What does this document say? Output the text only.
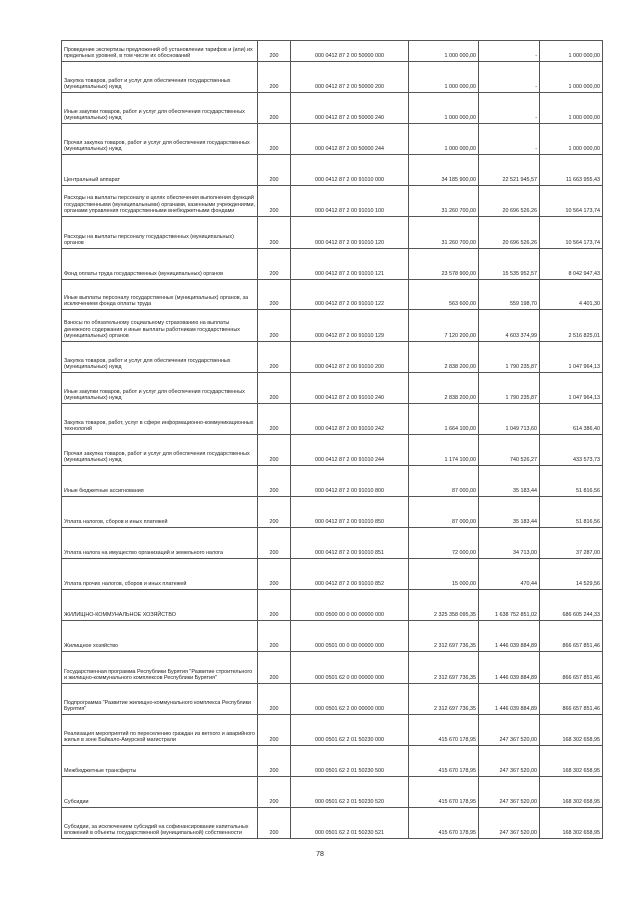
Проведение экспертизы предложений об установлении тарифов и (или) их предельных уровней, в том числе их обоснований	200	000 0412 87 2 00 50000 000	1 000 000,00	-	1 000 000,00
Закупка товаров, работ и услуг для обеспечения государственных (муниципальных) нужд	200	000 0412 87 2 00 50000 200	1 000 000,00	-	1 000 000,00
Иные закупки товаров, работ и услуг для обеспечения государственных (муниципальных) нужд	200	000 0412 87 2 00 50000 240	1 000 000,00	-	1 000 000,00
Прочая закупка товаров, работ и услуг для обеспечения государственных (муниципальных) нужд	200	000 0412 87 2 00 50000 244	1 000 000,00	-	1 000 000,00
Центральный аппарат	200	000 0412 87 2 00 91010 000	34 185 900,00	22 521 945,57	11 663 955,43
Расходы на выплаты персоналу в целях обеспечения выполнения функций государственными (муниципальными) органами, казенными учреждениями, органами управления государственными внебюджетными фондами	200	000 0412 87 2 00 91010 100	31 260 700,00	20 696 526,26	10 564 173,74
Расходы на выплаты персоналу государственных (муниципальных) органов	200	000 0412 87 2 00 91010 120	31 260 700,00	20 696 526,26	10 564 173,74
Фонд оплаты труда государственных (муниципальных) органов	200	000 0412 87 2 00 91010 121	23 578 900,00	15 535 952,57	8 042 947,43
Иные выплаты персоналу государственных (муниципальных) органов, за исключением фонда оплаты труда	200	000 0412 87 2 00 91010 122	563 600,00	559 198,70	4 401,30
Взносы по обязательному социальному страхованию на выплаты денежного содержания и иные выплаты работникам государственных (муниципальных) органов	200	000 0412 87 2 00 91010 129	7 120 200,00	4 603 374,99	2 516 825,01
Закупка товаров, работ и услуг для обеспечения государственных (муниципальных) нужд	200	000 0412 87 2 00 91010 200	2 838 200,00	1 790 235,87	1 047 964,13
Иные закупки товаров, работ и услуг для обеспечения государственных (муниципальных) нужд	200	000 0412 87 2 00 91010 240	2 838 200,00	1 790 235,87	1 047 964,13
Закупка товаров, работ, услуг в сфере информационно-коммуникационных технологий	200	000 0412 87 2 00 91010 242	1 664 100,00	1 049 713,60	614 386,40
Прочая закупка товаров, работ и услуг для обеспечения государственных (муниципальных) нужд	200	000 0412 87 2 00 91010 244	1 174 100,00	740 526,27	433 573,73
Иные бюджетные ассигнования	200	000 0412 87 2 00 91010 800	87 000,00	35 183,44	51 816,56
Уплата налогов, сборов и иных платежей	200	000 0412 87 2 00 91010 850	87 000,00	35 183,44	51 816,56
Уплата налога на имущество организаций и земельного налога	200	000 0412 87 2 00 91010 851	72 000,00	34 713,00	37 287,00
Уплата прочих налогов, сборов и иных платежей	200	000 0412 87 2 00 91010 852	15 000,00	470,44	14 529,56
ЖИЛИЩНО-КОММУНАЛЬНОЕ ХОЗЯЙСТВО	200	000 0500 00 0 00 00000 000	2 325 358 095,35	1 638 752 851,02	686 605 244,33
Жилищное хозяйство	200	000 0501 00 0 00 00000 000	2 312 697 736,35	1 446 039 884,89	866 657 851,46
Государственная программа Республики Бурятия "Развитие строительного и жилищно-коммунального комплексов Республики Бурятия"	200	000 0501 62 0 00 00000 000	2 312 697 736,35	1 446 039 884,89	866 657 851,46
Подпрограмма "Развитие жилищно-коммунального комплекса Республики Бурятия"	200	000 0501 62 2 00 00000 000	2 312 697 736,35	1 446 039 884,89	866 657 851,46
Реализация мероприятий по переселению граждан из ветхого и аварийного жилья в зоне Байкало-Амурской магистрали	200	000 0501 62 2 01 50230 000	415 670 178,95	247 367 520,00	168 302 658,95
Межбюджетные трансферты	200	000 0501 62 2 01 50230 500	415 670 178,95	247 367 520,00	168 302 658,95
Субсидии	200	000 0501 62 2 01 50230 520	415 670 178,95	247 367 520,00	168 302 658,95
Субсидии, за исключением субсидий на софинансирование капитальных вложений в объекты государственной (муниципальной) собственности	200	000 0501 62 2 01 50230 521	415 670 178,95	247 367 520,00	168 302 658,95
78
